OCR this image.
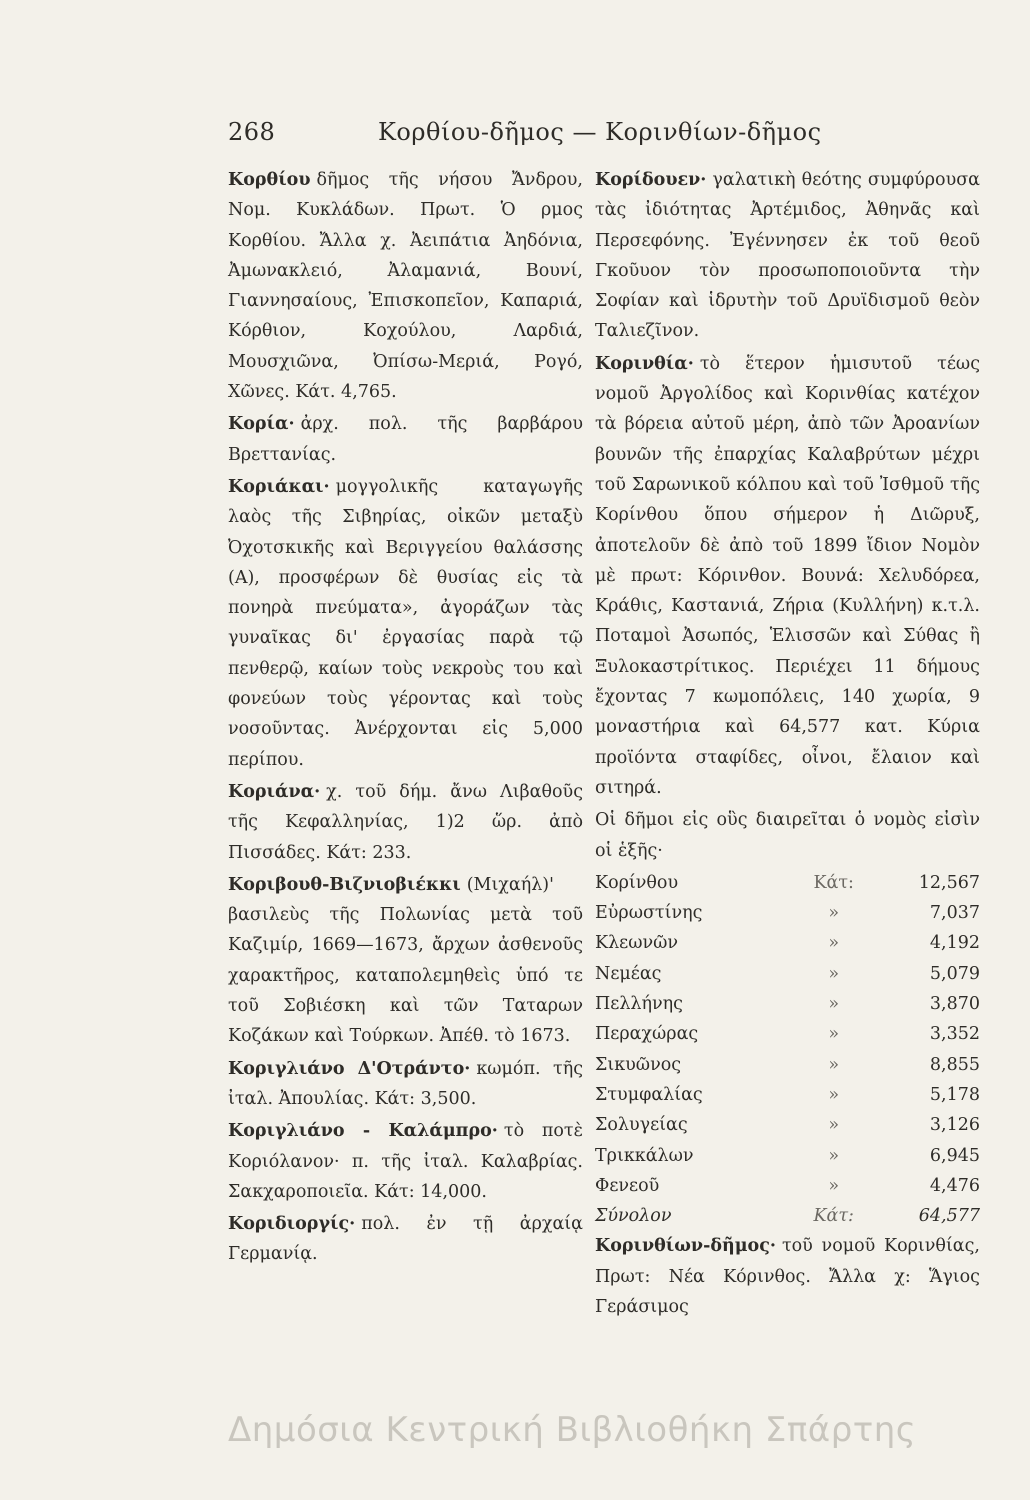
268	Κορθίου-δῆμος — Κορινθίων-δῆμος

Κορθίου δῆμος τῆς νήσου Ἄνδρου, Νομ. Κυκλάδων. Πρωτ. Ὁ ρμος Κορθίου. Ἄλλα χ. Ἀειπάτια Ἀηδόνια, Ἀμωνακλειό, Ἀλαμανιά, Βουνί, Γιαννησαίους, Ἐπισκοπεῖον, Καπαριά, Κόρθιον, Κοχούλου, Λαρδιά, Μουσχιῶνα, Ὀπίσω-Μεριά, Ρογό, Χῶνες. Κάτ. 4,765.

Κορία· ἀρχ. πολ. τῆς βαρβάρου Βρεττανίας.

Κοριάκαι· μογγολικῆς καταγωγῆς λαὸς τῆς Σιβηρίας, οἰκῶν μεταξὺ Ὀχοτσκικῆς καὶ Βεριγγείου θαλάσσης (Α), προσφέρων δὲ θυσίας εἰς τὰ πονηρὰ πνεύματα», ἀγοράζων τὰς γυναῖκας δι' ἐργασίας παρὰ τῷ πενθερῷ, καίων τοὺς νεκροὺς του καὶ φονεύων τοὺς γέροντας καὶ τοὺς νοσοῦντας. Ἀνέρχονται εἰς 5,000 περίπου.

Κοριάνα· χ. τοῦ δήμ. ἄνω Λιβαθοῦς τῆς Κεφαλληνίας, 1)2 ὥρ. ἀπὸ Πισσάδες. Κάτ: 233.

Κοριβουθ-Βιζνιοβιέκκι (Μιχαήλ)' βασιλεὺς τῆς Πολωνίας μετὰ τοῦ Καζιμίρ, 1669—1673, ἄρχων ἀσθενοῦς χαρακτῆρος, καταπολεμηθεὶς ὑπό τε τοῦ Σοβιέσκη καὶ τῶν Ταταρων Κοζάκων καὶ Τούρκων. Ἀπέθ. τὸ 1673.

Κοριγλιάνο Δ'Οτράντο· κωμόπ. τῆς ἰταλ. Ἀπουλίας. Κάτ: 3,500.

Κοριγλιάνο - Καλάμπρο· τὸ ποτὲ Κοριόλανον· π. τῆς ἰταλ. Καλαβρίας. Σακχαροποιεῖα. Κάτ: 14,000.

Κοριδιοργίς· πολ. ἐν τῇ ἀρχαίᾳ Γερμανίᾳ.

Κορίδουεν· γαλατικὴ θεότης συμφύρουσα τὰς ἰδιότητας Ἀρτέμιδος, Ἀθηνᾶς καὶ Περσεφόνης. Ἐγέννησεν ἐκ τοῦ θεοῦ Γκοῦυον τὸν προσωποποιοῦντα τὴν Σοφίαν καὶ ἱδρυτὴν τοῦ Δρυϊδισμοῦ θεὸν Ταλιεζῖνον.

Κορινθία· τὸ ἕτερον ἡμισυτοῦ τέως νομοῦ Ἀργολίδος καὶ Κορινθίας κατέχον τὰ βόρεια αὐτοῦ μέρη, ἀπὸ τῶν Ἀροανίων βουνῶν τῆς ἐπαρχίας Καλαβρύτων μέχρι τοῦ Σαρωνικοῦ κόλπου καὶ τοῦ Ἰσθμοῦ τῆς Κορίνθου ὅπου σήμερον ἡ Διῶρυξ, ἀποτελοῦν δὲ ἀπὸ τοῦ 1899 ἴδιον Νομὸν μὲ πρωτ: Κόρινθον. Βουνά: Χελυδόρεα, Κράθις, Καστανιά, Ζήρια (Κυλλήνη) κ.τ.λ. Ποταμοὶ Ἀσωπός, Ἑλισσῶν καὶ Σύθας ἢ Ξυλοκαστρίτικος. Περιέχει 11 δήμους ἔχοντας 7 κωμοπόλεις, 140 χωρία, 9 μοναστήρια καὶ 64,577 κατ. Κύρια προϊόντα σταφίδες, οἶνοι, ἔλαιον καὶ σιτηρά.

Οἱ δῆμοι εἰς οὓς διαιρεῖται ὁ νομὸς εἰσὶν οἱ ἑξῆς·

Κορίνθου	Κάτ:	12,567
Εὐρωστίνης	»	7,037
Κλεωνῶν	»	4,192
Νεμέας	»	5,079
Πελλήνης	»	3,870
Περαχώρας	»	3,352
Σικυῶνος	»	8,855
Στυμφαλίας	»	5,178
Σολυγείας	»	3,126
Τρικκάλων	»	6,945
Φενεοῦ	»	4,476
Σύνολον	Κάτ:	64,577

Κορινθίων-δῆμος· τοῦ νομοῦ Κορινθίας, Πρωτ: Νέα Κόρινθος. Ἄλλα χ: Ἅγιος Γεράσιμος

Δημόσια Κεντρική Βιβλιοθήκη Σπάρτης
